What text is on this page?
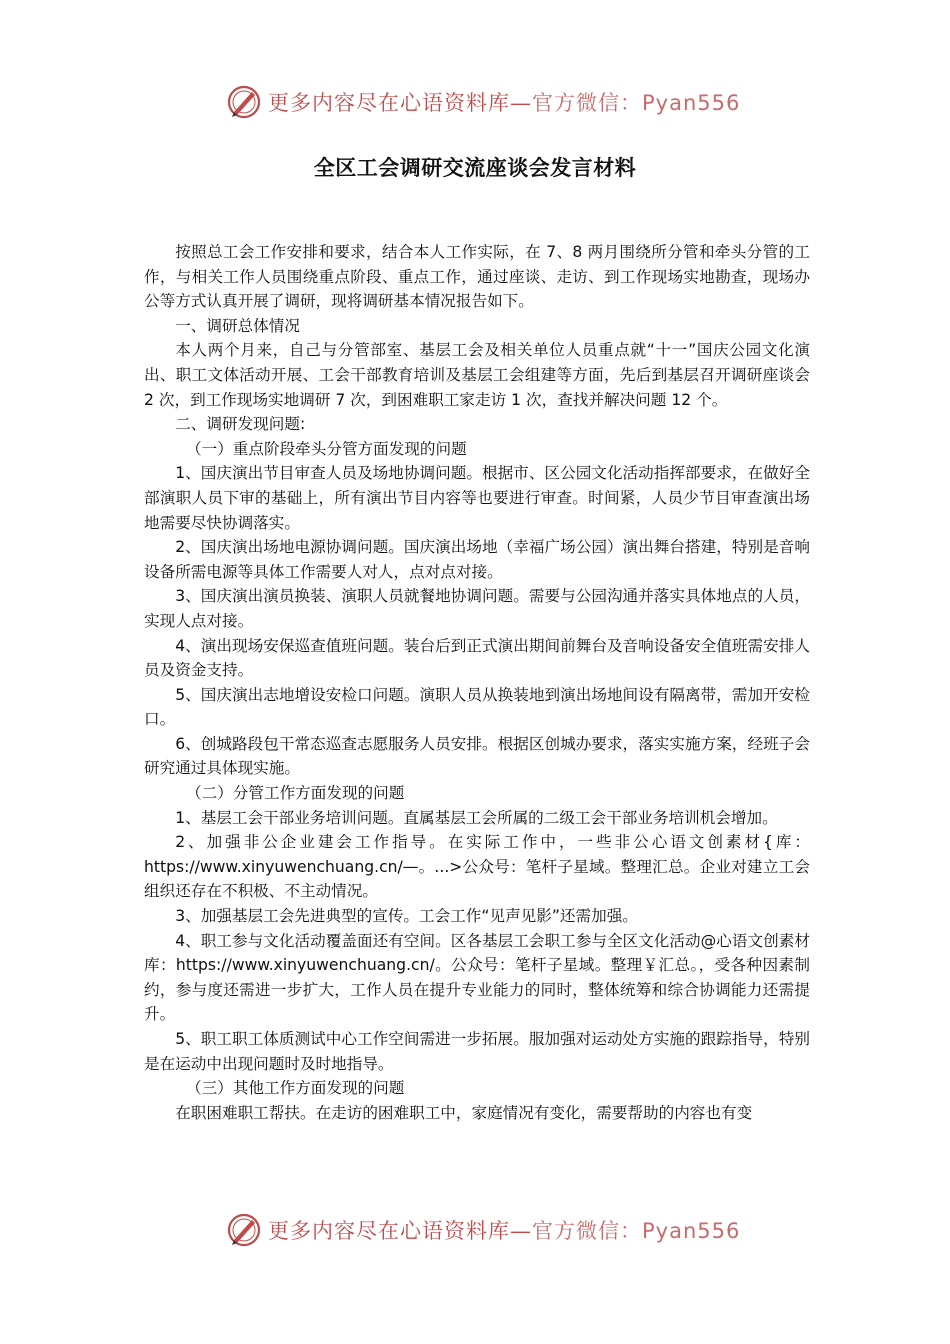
更多内容尽在心语资料库—官方微信：Pyan556
全区工会调研交流座谈会发言材料

按照总工会工作安排和要求，结合本人工作实际，在 7、8 两月围绕所分管和牵头分管的工作，与相关工作人员围绕重点阶段、重点工作，通过座谈、走访、到工作现场实地勘查，现场办公等方式认真开展了调研，现将调研基本情况报告如下。

一、调研总体情况

本人两个月来，自己与分管部室、基层工会及相关单位人员重点就“十一”国庆公园文化演出、职工文体活动开展、工会干部教育培训及基层工会组建等方面，先后到基层召开调研座谈会 2 次，到工作现场实地调研 7 次，到困难职工家走访 1 次，查找并解决问题 12 个。

二、调研发现问题:

（一）重点阶段牵头分管方面发现的问题

1、国庆演出节目审查人员及场地协调问题。根据市、区公园文化活动指挥部要求，在做好全部演职人员下审的基础上，所有演出节目内容等也要进行审查。时间紧，人员少节目审查演出场地需要尽快协调落实。

2、国庆演出场地电源协调问题。国庆演出场地（幸福广场公园）演出舞台搭建，特别是音响设备所需电源等具体工作需要人对人，点对点对接。

3、国庆演出演员换装、演职人员就餐地协调问题。需要与公园沟通并落实具体地点的人员，实现人点对接。

4、演出现场安保巡查值班问题。装台后到正式演出期间前舞台及音响设备安全值班需安排人员及资金支持。

5、国庆演出志地增设安检口问题。演职人员从换装地到演出场地间设有隔离带，需加开安检口。

6、创城路段包干常态巡查志愿服务人员安排。根据区创城办要求，落实实施方案，经班子会研究通过具体现实施。

（二）分管工作方面发现的问题

1、基层工会干部业务培训问题。直属基层工会所属的二级工会干部业务培训机会增加。

2、加强非公企业建会工作指导。在实际工作中，一些非公心语文创素材{库：https://www.xinyuwenchuang.cn/—。...>公众号：笔杆子星域。整理汇总。企业对建立工会组织还存在不积极、不主动情况。

3、加强基层工会先进典型的宣传。工会工作“见声见影”还需加强。

4、职工参与文化活动覆盖面还有空间。区各基层工会职工参与全区文化活动@心语文创素材库：https://www.xinyuwenchuang.cn/。公众号：笔杆子星域。整理￥汇总。，受各种因素制约，参与度还需进一步扩大，工作人员在提升专业能力的同时，整体统筹和综合协调能力还需提升。

5、职工职工体质测试中心工作空间需进一步拓展。服加强对运动处方实施的跟踪指导，特别是在运动中出现问题时及时地指导。

（三）其他工作方面发现的问题

在职困难职工帮扶。在走访的困难职工中，家庭情况有变化，需要帮助的内容也有变

更多内容尽在心语资料库—官方微信：Pyan556
